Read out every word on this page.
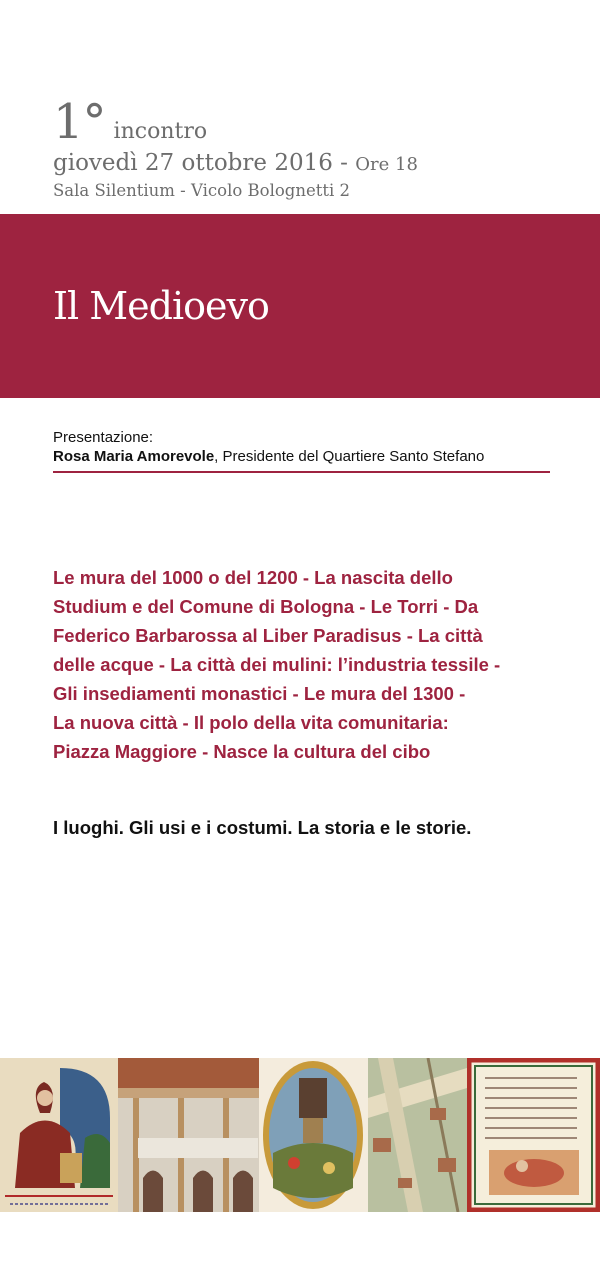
1° incontro
giovedì 27 ottobre 2016 - Ore 18
Sala Silentium - Vicolo Bolognetti 2
Il Medioevo
Presentazione:
Rosa Maria Amorevole, Presidente del Quartiere Santo Stefano

Le mura del 1000 o del 1200 - La nascita dello
Studium e del Comune di Bologna - Le Torri - Da
Federico Barbarossa al Liber Paradisus - La città
delle acque - La città dei mulini: l’industria tessile -
Gli insediamenti monastici - Le mura del 1300 -
La nuova città - Il polo della vita comunitaria:
Piazza Maggiore - Nasce la cultura del cibo

I luoghi. Gli usi e i costumi. La storia e le storie.
